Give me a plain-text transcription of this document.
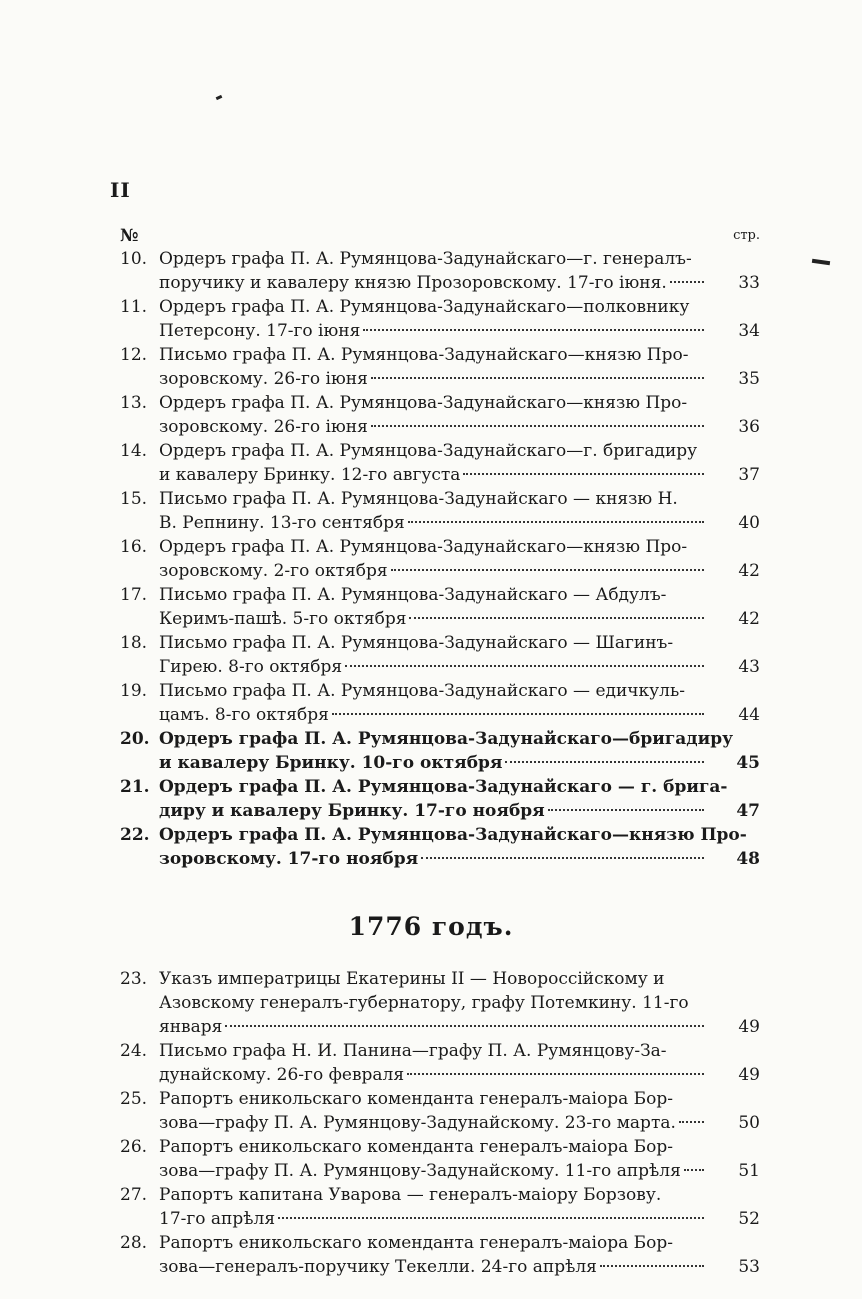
II
№	стр.
10. Ордеръ графа П. А. Румянцова-Задунайскаго—г. генералъ-
поручику и кавалеру князю Прозоровскому. 17-го іюня.	33
11. Ордеръ графа П. А. Румянцова-Задунайскаго—полковнику
Петерсону. 17-го іюня	34
12. Письмо графа П. А. Румянцова-Задунайскаго—князю Про-
зоровскому. 26-го іюня	35
13. Ордеръ графа П. А. Румянцова-Задунайскаго—князю Про-
зоровскому. 26-го іюня	36
14. Ордеръ графа П. А. Румянцова-Задунайскаго—г. бригадиру
и кавалеру Бринку. 12-го августа	37
15. Письмо графа П. А. Румянцова-Задунайскаго — князю Н.
В. Репнину. 13-го сентября	40
16. Ордеръ графа П. А. Румянцова-Задунайскаго—князю Про-
зоровскому. 2-го октября	42
17. Письмо графа П. А. Румянцова-Задунайскаго — Абдулъ-
Керимъ-пашѣ. 5-го октября	42
18. Письмо графа П. А. Румянцова-Задунайскаго — Шагинъ-
Гирею. 8-го октября	43
19. Письмо графа П. А. Румянцова-Задунайскаго — едичкуль-
цамъ. 8-го октября	44
20. Ордеръ графа П. А. Румянцова-Задунайскаго—бригадиру
и кавалеру Бринку. 10-го октября	45
21. Ордеръ графа П. А. Румянцова-Задунайскаго — г. брига-
диру и кавалеру Бринку. 17-го ноября	47
22. Ордеръ графа П. А. Румянцова-Задунайскаго—князю Про-
зоровскому. 17-го ноября	48
1776 годъ.
23. Указъ императрицы Екатерины II — Новороссійскому и
Азовскому генералъ-губернатору, графу Потемкину. 11-го
января	49
24. Письмо графа Н. И. Панина—графу П. А. Румянцову-За-
дунайскому. 26-го февраля	49
25. Рапортъ еникольскаго коменданта генералъ-маіора Бор-
зова—графу П. А. Румянцову-Задунайскому. 23-го марта.	50
26. Рапортъ еникольскаго коменданта генералъ-маіора Бор-
зова—графу П. А. Румянцову-Задунайскому. 11-го апрѣля	51
27. Рапортъ капитана Уварова — генералъ-маіору Борзову.
17-го апрѣля	52
28. Рапортъ еникольскаго коменданта генералъ-маіора Бор-
зова—генералъ-поручику Текелли. 24-го апрѣля	53
